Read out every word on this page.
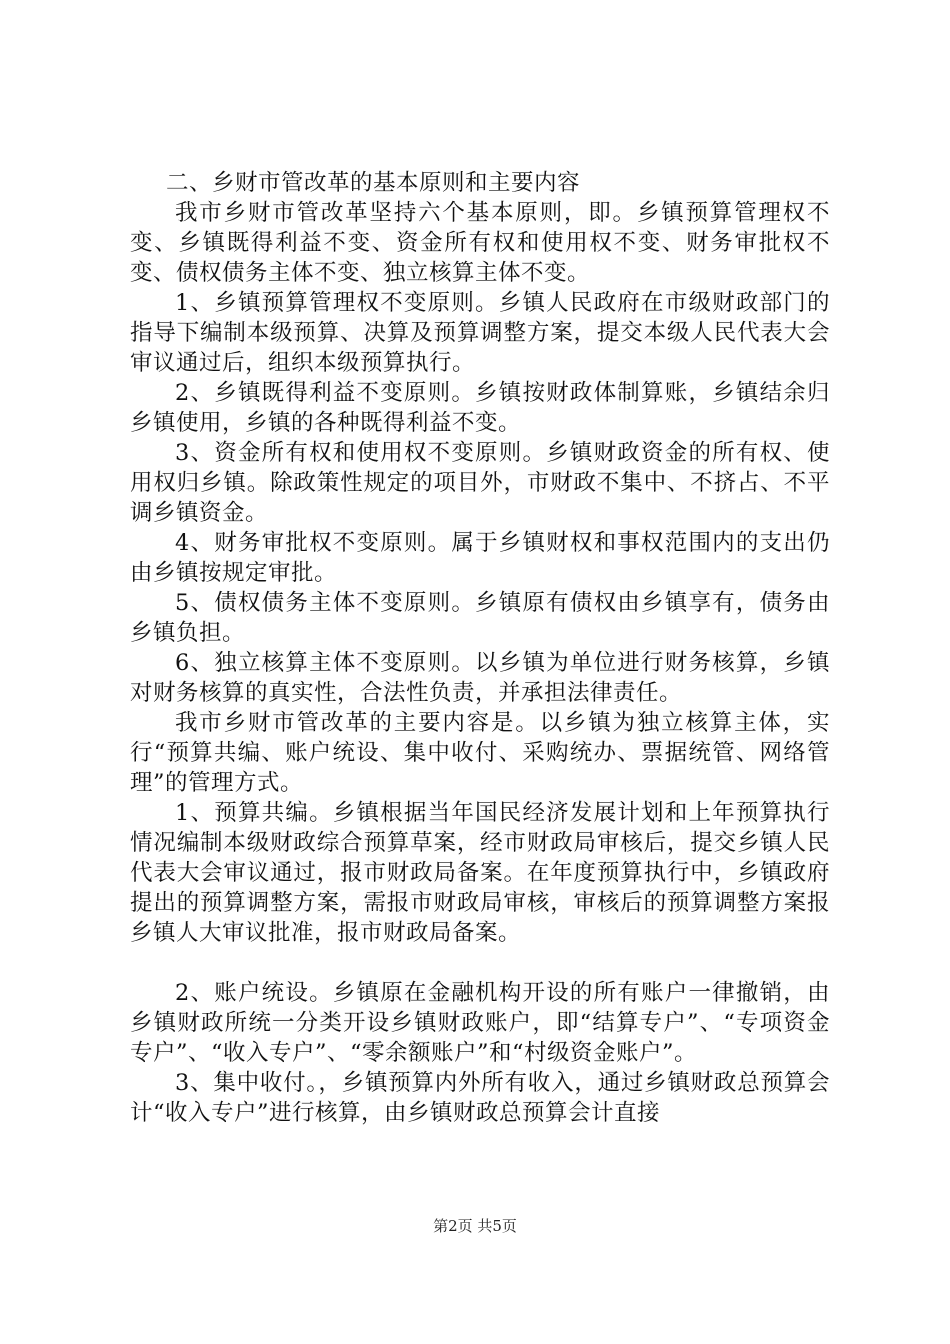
二、乡财市管改革的基本原则和主要内容

我市乡财市管改革坚持六个基本原则，即。乡镇预算管理权不变、乡镇既得利益不变、资金所有权和使用权不变、财务审批权不变、债权债务主体不变、独立核算主体不变。

1、乡镇预算管理权不变原则。乡镇人民政府在市级财政部门的指导下编制本级预算、决算及预算调整方案，提交本级人民代表大会审议通过后，组织本级预算执行。

2、乡镇既得利益不变原则。乡镇按财政体制算账，乡镇结余归乡镇使用，乡镇的各种既得利益不变。

3、资金所有权和使用权不变原则。乡镇财政资金的所有权、使用权归乡镇。除政策性规定的项目外，市财政不集中、不挤占、不平调乡镇资金。

4、财务审批权不变原则。属于乡镇财权和事权范围内的支出仍由乡镇按规定审批。

5、债权债务主体不变原则。乡镇原有债权由乡镇享有，债务由乡镇负担。

6、独立核算主体不变原则。以乡镇为单位进行财务核算，乡镇对财务核算的真实性，合法性负责，并承担法律责任。

我市乡财市管改革的主要内容是。以乡镇为独立核算主体，实行“预算共编、账户统设、集中收付、采购统办、票据统管、网络管理”的管理方式。

1、预算共编。乡镇根据当年国民经济发展计划和上年预算执行情况编制本级财政综合预算草案，经市财政局审核后，提交乡镇人民代表大会审议通过，报市财政局备案。在年度预算执行中，乡镇政府提出的预算调整方案，需报市财政局审核，审核后的预算调整方案报乡镇人大审议批准，报市财政局备案。

2、账户统设。乡镇原在金融机构开设的所有账户一律撤销，由乡镇财政所统一分类开设乡镇财政账户，即“结算专户”、“专项资金专户”、“收入专户”、“零余额账户”和“村级资金账户”。

3、集中收付。，乡镇预算内外所有收入，通过乡镇财政总预算会计“收入专户”进行核算，由乡镇财政总预算会计直接

第2页 共5页
